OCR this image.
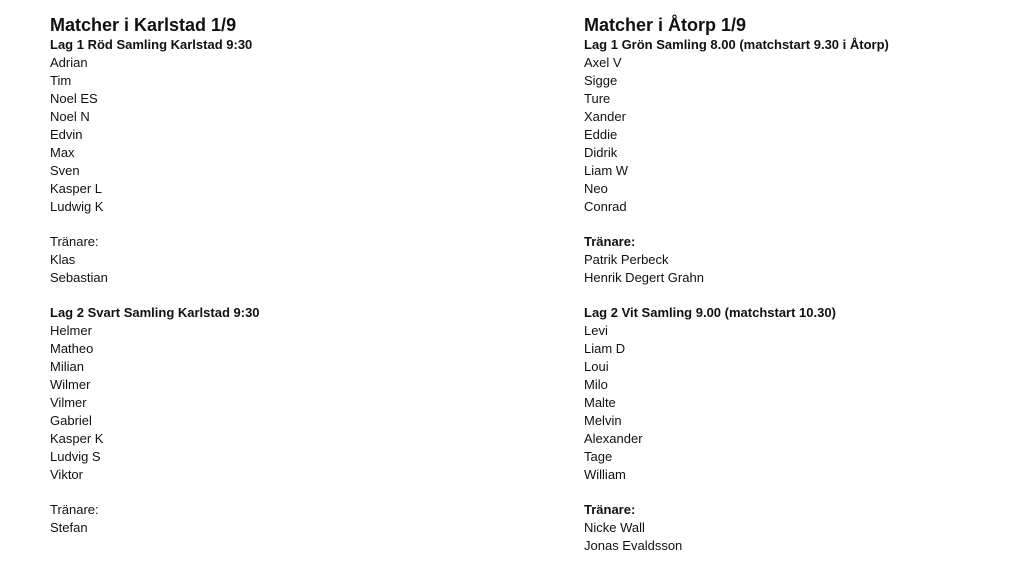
Matcher i Karlstad 1/9
Lag 1 Röd Samling Karlstad 9:30
Adrian
Tim
Noel ES
Noel N
Edvin
Max
Sven
Kasper L
Ludwig K
Tränare:
Klas
Sebastian
Lag 2 Svart Samling Karlstad 9:30
Helmer
Matheo
Milian
Wilmer
Vilmer
Gabriel
Kasper K
Ludvig S
Viktor
Tränare:
Stefan
Matcher i Åtorp 1/9
Lag 1 Grön Samling 8.00 (matchstart 9.30 i Åtorp)
Axel V
Sigge
Ture
Xander
Eddie
Didrik
Liam W
Neo
Conrad
Tränare:
Patrik Perbeck
Henrik Degert Grahn
Lag 2 Vit Samling 9.00 (matchstart 10.30)
Levi
Liam D
Loui
Milo
Malte
Melvin
Alexander
Tage
William
Tränare:
Nicke Wall
Jonas Evaldsson
